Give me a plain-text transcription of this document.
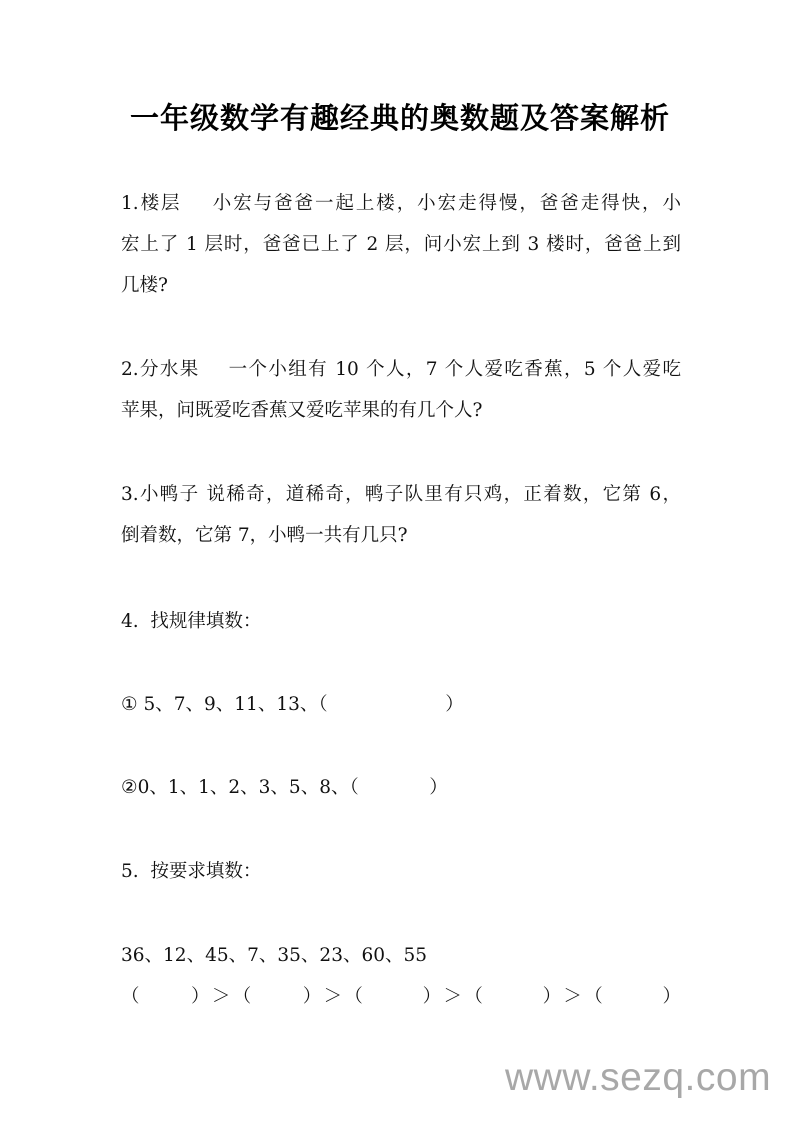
一年级数学有趣经典的奥数题及答案解析
1.楼层    小宏与爸爸一起上楼，小宏走得慢，爸爸走得快，小
宏上了 1 层时，爸爸已上了 2 层，问小宏上到 3 楼时，爸爸上到
几楼?
2.分水果    一个小组有 10 个人，7 个人爱吃香蕉，5 个人爱吃
苹果，问既爱吃香蕉又爱吃苹果的有几个人?
3.小鸭子 说稀奇，道稀奇，鸭子队里有只鸡，正着数，它第 6，
倒着数，它第 7，小鸭一共有几只?
4.  找规律填数：
① 5、7、9、11、13、（                    ）
②0、1、1、2、3、5、8、（            ）
5.  按要求填数：
36、12、45、7、35、23、60、55
（      ）＞（      ）＞（       ）＞（       ）＞（       ）
www.sezq.com
